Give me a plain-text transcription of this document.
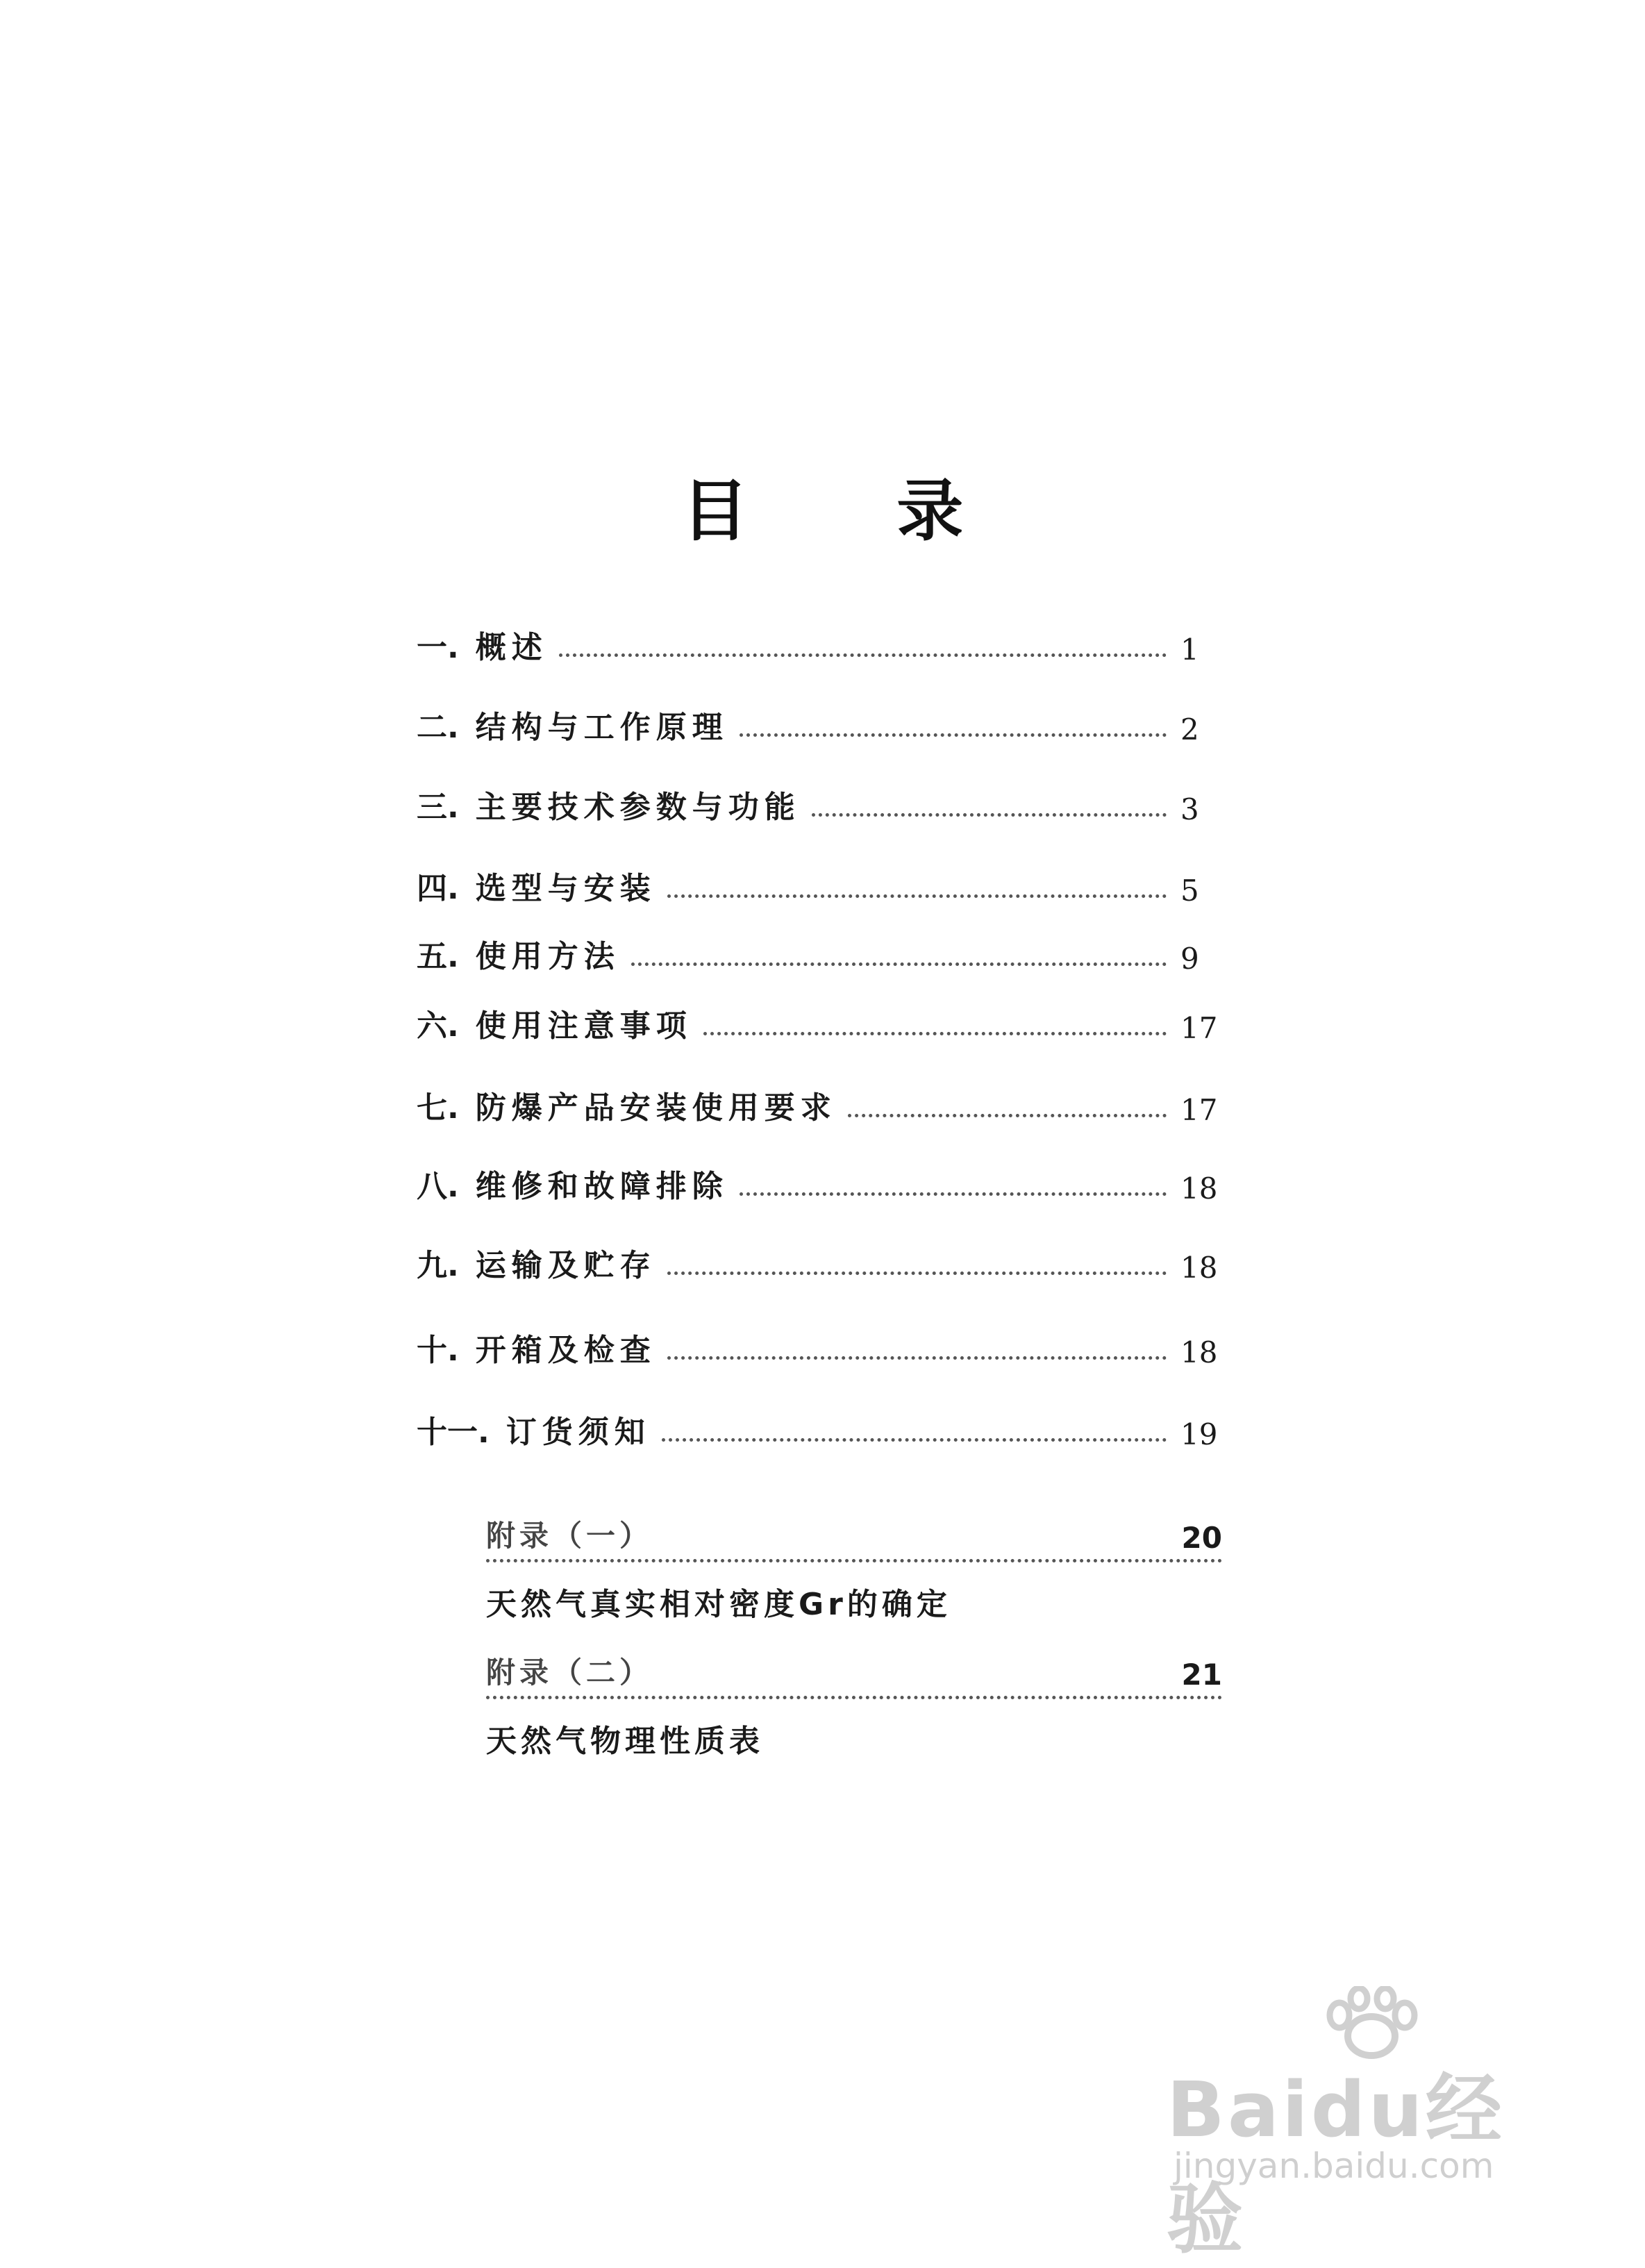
目 录
一. 概述	1
二. 结构与工作原理	2
三. 主要技术参数与功能	3
四. 选型与安装	5
五. 使用方法	9
六. 使用注意事项	17
七. 防爆产品安装使用要求	17
八. 维修和故障排除	18
九. 运输及贮存	18
十. 开箱及检查	18
十一. 订货须知	19
附录（一）	20
天然气真实相对密度Gr的确定
附录（二）	21
天然气物理性质表
Baidu经验
jingyan.baidu.com
